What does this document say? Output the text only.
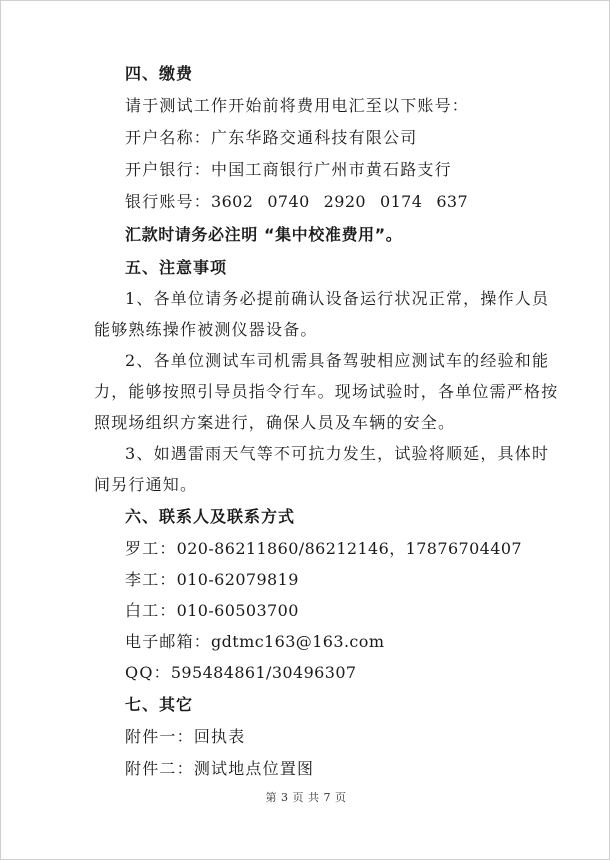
四、缴费
请于测试工作开始前将费用电汇至以下账号：
开户名称：广东华路交通科技有限公司
开户银行：中国工商银行广州市黄石路支行
银行账号：3602 0740 2920 0174 637
汇款时请务必注明 “集中校准费用”。
五、注意事项
1、各单位请务必提前确认设备运行状况正常，操作人员
能够熟练操作被测仪器设备。
2、各单位测试车司机需具备驾驶相应测试车的经验和能
力，能够按照引导员指令行车。现场试验时，各单位需严格按
照现场组织方案进行，确保人员及车辆的安全。
3、如遇雷雨天气等不可抗力发生，试验将顺延，具体时
间另行通知。
六、联系人及联系方式
罗工：020-86211860/86212146，17876704407
李工：010-62079819
白工：010-60503700
电子邮箱：gdtmc163@163.com
QQ：595484861/30496307
七、其它
附件一：回执表
附件二：测试地点位置图
第 3 页 共 7 页
